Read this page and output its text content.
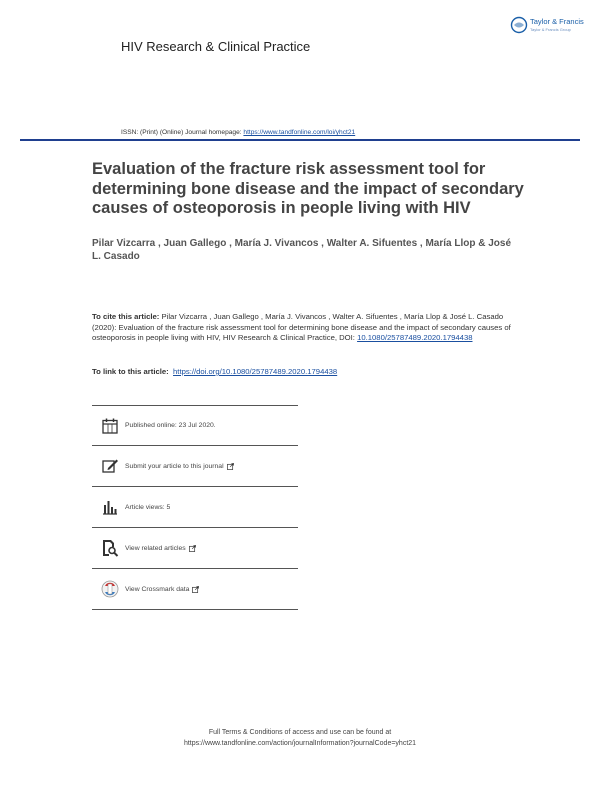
HIV Research & Clinical Practice
Taylor & Francis
Taylor & Francis Group
ISSN: (Print) (Online) Journal homepage: https://www.tandfonline.com/loi/yhct21
Evaluation of the fracture risk assessment tool for determining bone disease and the impact of secondary causes of osteoporosis in people living with HIV
Pilar Vizcarra , Juan Gallego , María J. Vivancos , Walter A. Sifuentes , María Llop & José L. Casado
To cite this article: Pilar Vizcarra , Juan Gallego , María J. Vivancos , Walter A. Sifuentes , María Llop & José L. Casado (2020): Evaluation of the fracture risk assessment tool for determining bone disease and the impact of secondary causes of osteoporosis in people living with HIV, HIV Research & Clinical Practice, DOI: 10.1080/25787489.2020.1794438
To link to this article: https://doi.org/10.1080/25787489.2020.1794438
Published online: 23 Jul 2020.
Submit your article to this journal
Article views: 5
View related articles
View Crossmark data
Full Terms & Conditions of access and use can be found at
https://www.tandfonline.com/action/journalInformation?journalCode=yhct21
